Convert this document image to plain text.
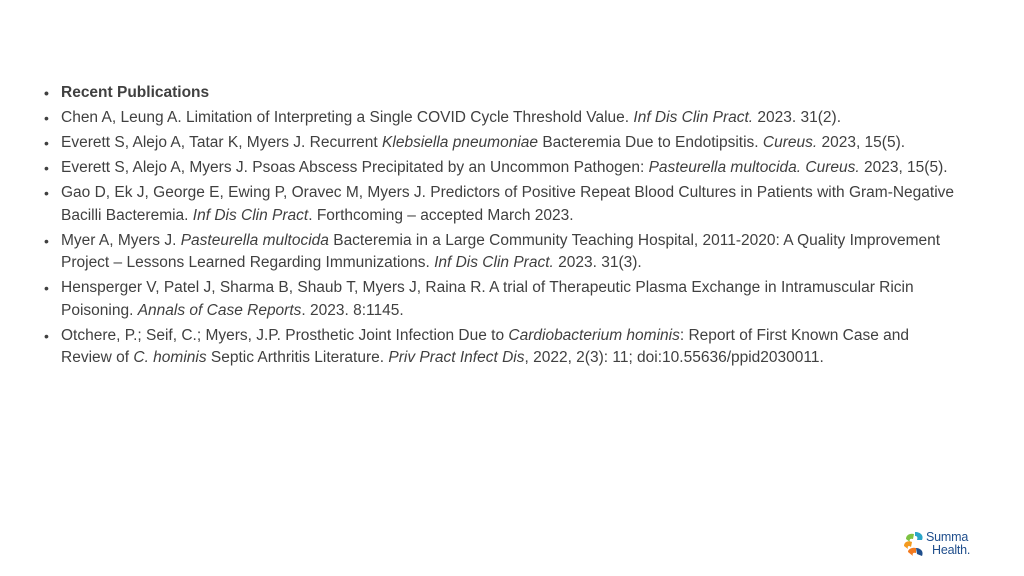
• Recent Publications
• Chen A, Leung A. Limitation of Interpreting a Single COVID Cycle Threshold Value. Inf Dis Clin Pract. 2023. 31(2).
• Everett S, Alejo A, Tatar K, Myers J. Recurrent Klebsiella pneumoniae Bacteremia Due to Endotipsitis. Cureus. 2023, 15(5).
• Everett S, Alejo A, Myers J. Psoas Abscess Precipitated by an Uncommon Pathogen: Pasteurella multocida. Cureus. 2023, 15(5).
• Gao D, Ek J, George E, Ewing P, Oravec M, Myers J. Predictors of Positive Repeat Blood Cultures in Patients with Gram-Negative Bacilli Bacteremia. Inf Dis Clin Pract. Forthcoming – accepted March 2023.
• Myer A, Myers J. Pasteurella multocida Bacteremia in a Large Community Teaching Hospital, 2011-2020: A Quality Improvement Project – Lessons Learned Regarding Immunizations. Inf Dis Clin Pract. 2023. 31(3).
• Hensperger V, Patel J, Sharma B, Shaub T, Myers J, Raina R. A trial of Therapeutic Plasma Exchange in Intramuscular Ricin Poisoning. Annals of Case Reports. 2023. 8:1145.
• Otchere, P.; Seif, C.; Myers, J.P. Prosthetic Joint Infection Due to Cardiobacterium hominis: Report of First Known Case and Review of C. hominis Septic Arthritis Literature. Priv Pract Infect Dis, 2022, 2(3): 11; doi:10.55636/ppid2030011.
Summa
Health.
